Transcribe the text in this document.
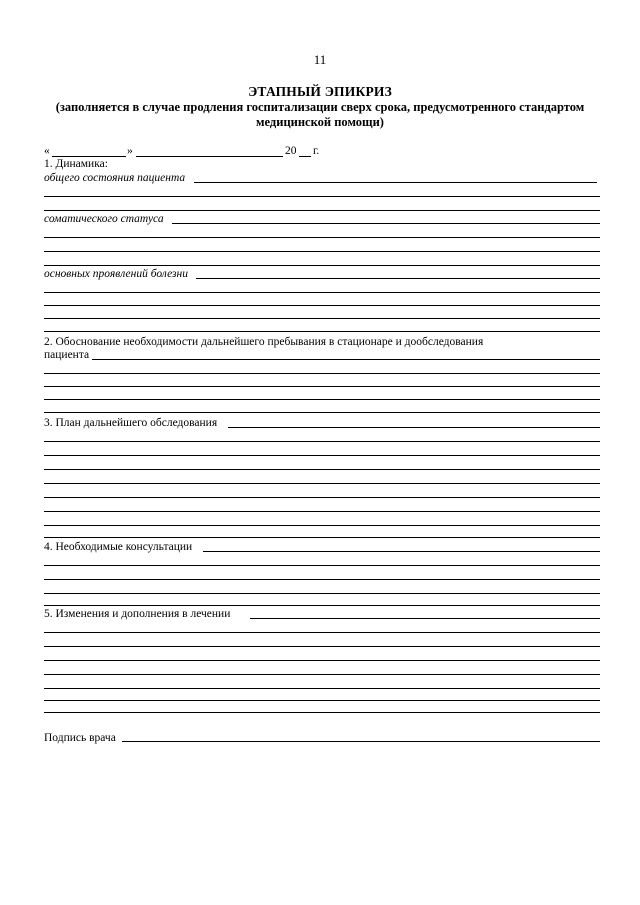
11
ЭТАПНЫЙ ЭПИКРИЗ
(заполняется в случае продления госпитализации сверх срока, предусмотренного стандартом
медицинской помощи)
«	»	20 г.
1. Динамика:
общего состояния пациента
соматического статуса
основных проявлений болезни
2. Обоснование необходимости дальнейшего пребывания в стационаре и дообследования
пациента
3. План дальнейшего обследования
4. Необходимые консультации
5. Изменения и дополнения в лечении
Подпись врача
